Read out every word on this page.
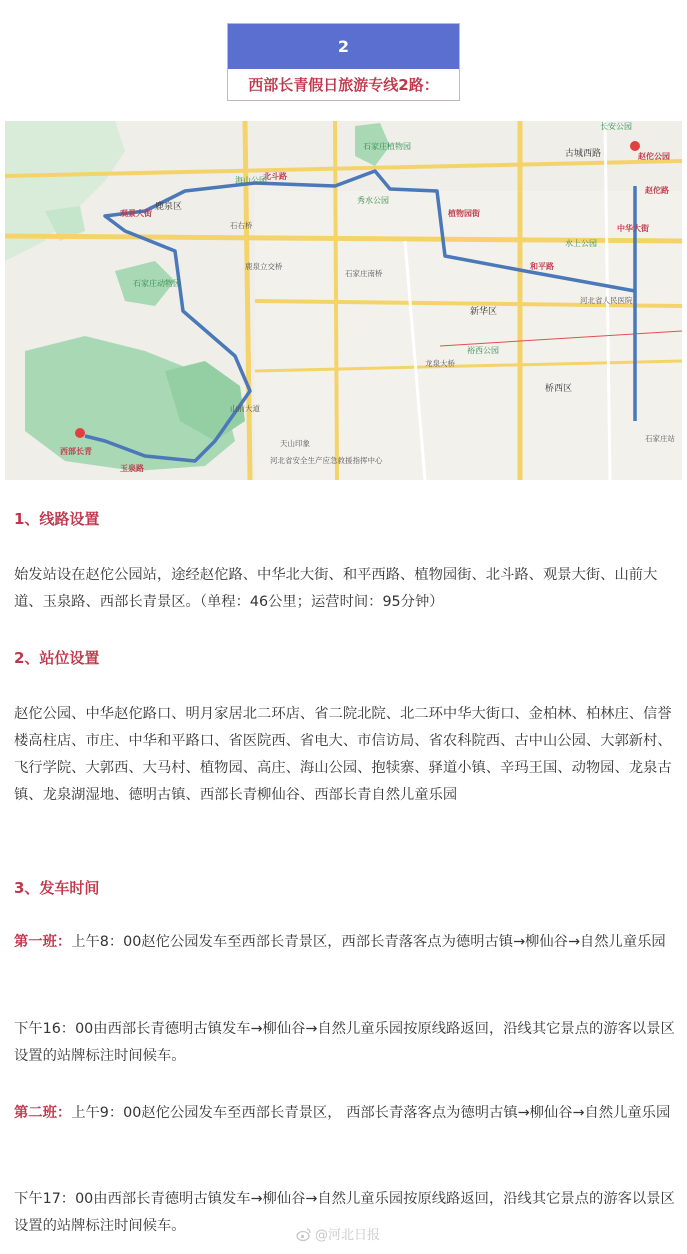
2
西部长青假日旅游专线2路：
石家庄动物园
石家庄植物园
鹿泉区
鹿泉立交桥
石家庄南桥
观景大街
北斗路
植物园街
和平路
中华大街
赵佗公园
赵佗路
新华区
桥西区
古城西路
河北省人民医院
玉泉路
西部长青
山前大道
龙泉大桥
石家庄站
裕西公园
海山公园
长安公园
水上公园
秀水公园
石右桥
河北省安全生产应急救援指挥中心
天山印象
1、线路设置
始发站设在赵佗公园站，途经赵佗路、中华北大街、和平西路、植物园街、北斗路、观景大街、山前大道、玉泉路、西部长青景区。（单程：46公里；运营时间：95分钟）
2、站位设置
赵佗公园、中华赵佗路口、明月家居北二环店、省二院北院、北二环中华大街口、金柏林、柏林庄、信誉楼高柱店、市庄、中华和平路口、省医院西、省电大、市信访局、省农科院西、古中山公园、大郭新村、飞行学院、大郭西、大马村、植物园、高庄、海山公园、抱犊寨、驿道小镇、辛玛王国、动物园、龙泉古镇、龙泉湖湿地、德明古镇、西部长青柳仙谷、西部长青自然儿童乐园
3、发车时间
第一班：上午8：00赵佗公园发车至西部长青景区，西部长青落客点为德明古镇→柳仙谷→自然儿童乐园
下午16：00由西部长青德明古镇发车→柳仙谷→自然儿童乐园按原线路返回，沿线其它景点的游客以景区设置的站牌标注时间候车。
第二班：上午9：00赵佗公园发车至西部长青景区， 西部长青落客点为德明古镇→柳仙谷→自然儿童乐园
下午17：00由西部长青德明古镇发车→柳仙谷→自然儿童乐园按原线路返回，沿线其它景点的游客以景区设置的站牌标注时间候车。
@河北日报
